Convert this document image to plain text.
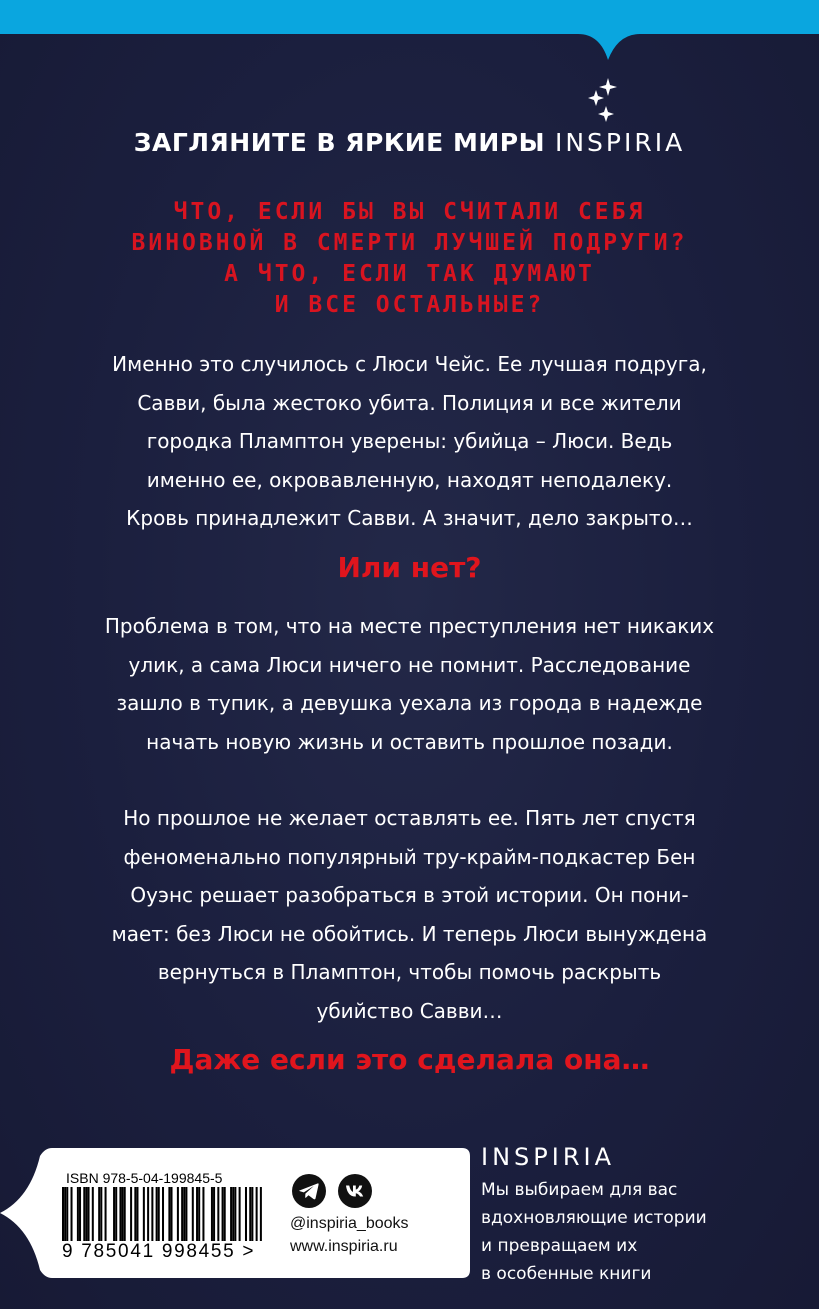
ЗАГЛЯНИТЕ В ЯРКИЕ МИРЫ INSPIRIA
ЧТО, ЕСЛИ БЫ ВЫ СЧИТАЛИ СЕБЯ
ВИНОВНОЙ В СМЕРТИ ЛУЧШЕЙ ПОДРУГИ?
А ЧТО, ЕСЛИ ТАК ДУМАЮТ
И ВСЕ ОСТАЛЬНЫЕ?
Именно это случилось с Люси Чейс. Ее лучшая подруга,
Савви, была жестоко убита. Полиция и все жители
городка Пламптон уверены: убийца – Люси. Ведь
именно ее, окровавленную, находят неподалеку.
Кровь принадлежит Савви. А значит, дело закрыто…
Или нет?
Проблема в том, что на месте преступления нет никаких
улик, а сама Люси ничего не помнит. Расследование
зашло в тупик, а девушка уехала из города в надежде
начать новую жизнь и оставить прошлое позади.
Но прошлое не желает оставлять ее. Пять лет спустя
феноменально популярный тру-крайм-подкастер Бен
Оуэнс решает разобраться в этой истории. Он пони-
мает: без Люси не обойтись. И теперь Люси вынуждена
вернуться в Пламптон, чтобы помочь раскрыть
убийство Савви…
Даже если это сделала она…
ISBN 978-5-04-199845-5
9 785041 998455 >
@inspiria_books
www.inspiria.ru
INSPIRIA
Мы выбираем для вас
вдохновляющие истории
и превращаем их
в особенные книги
